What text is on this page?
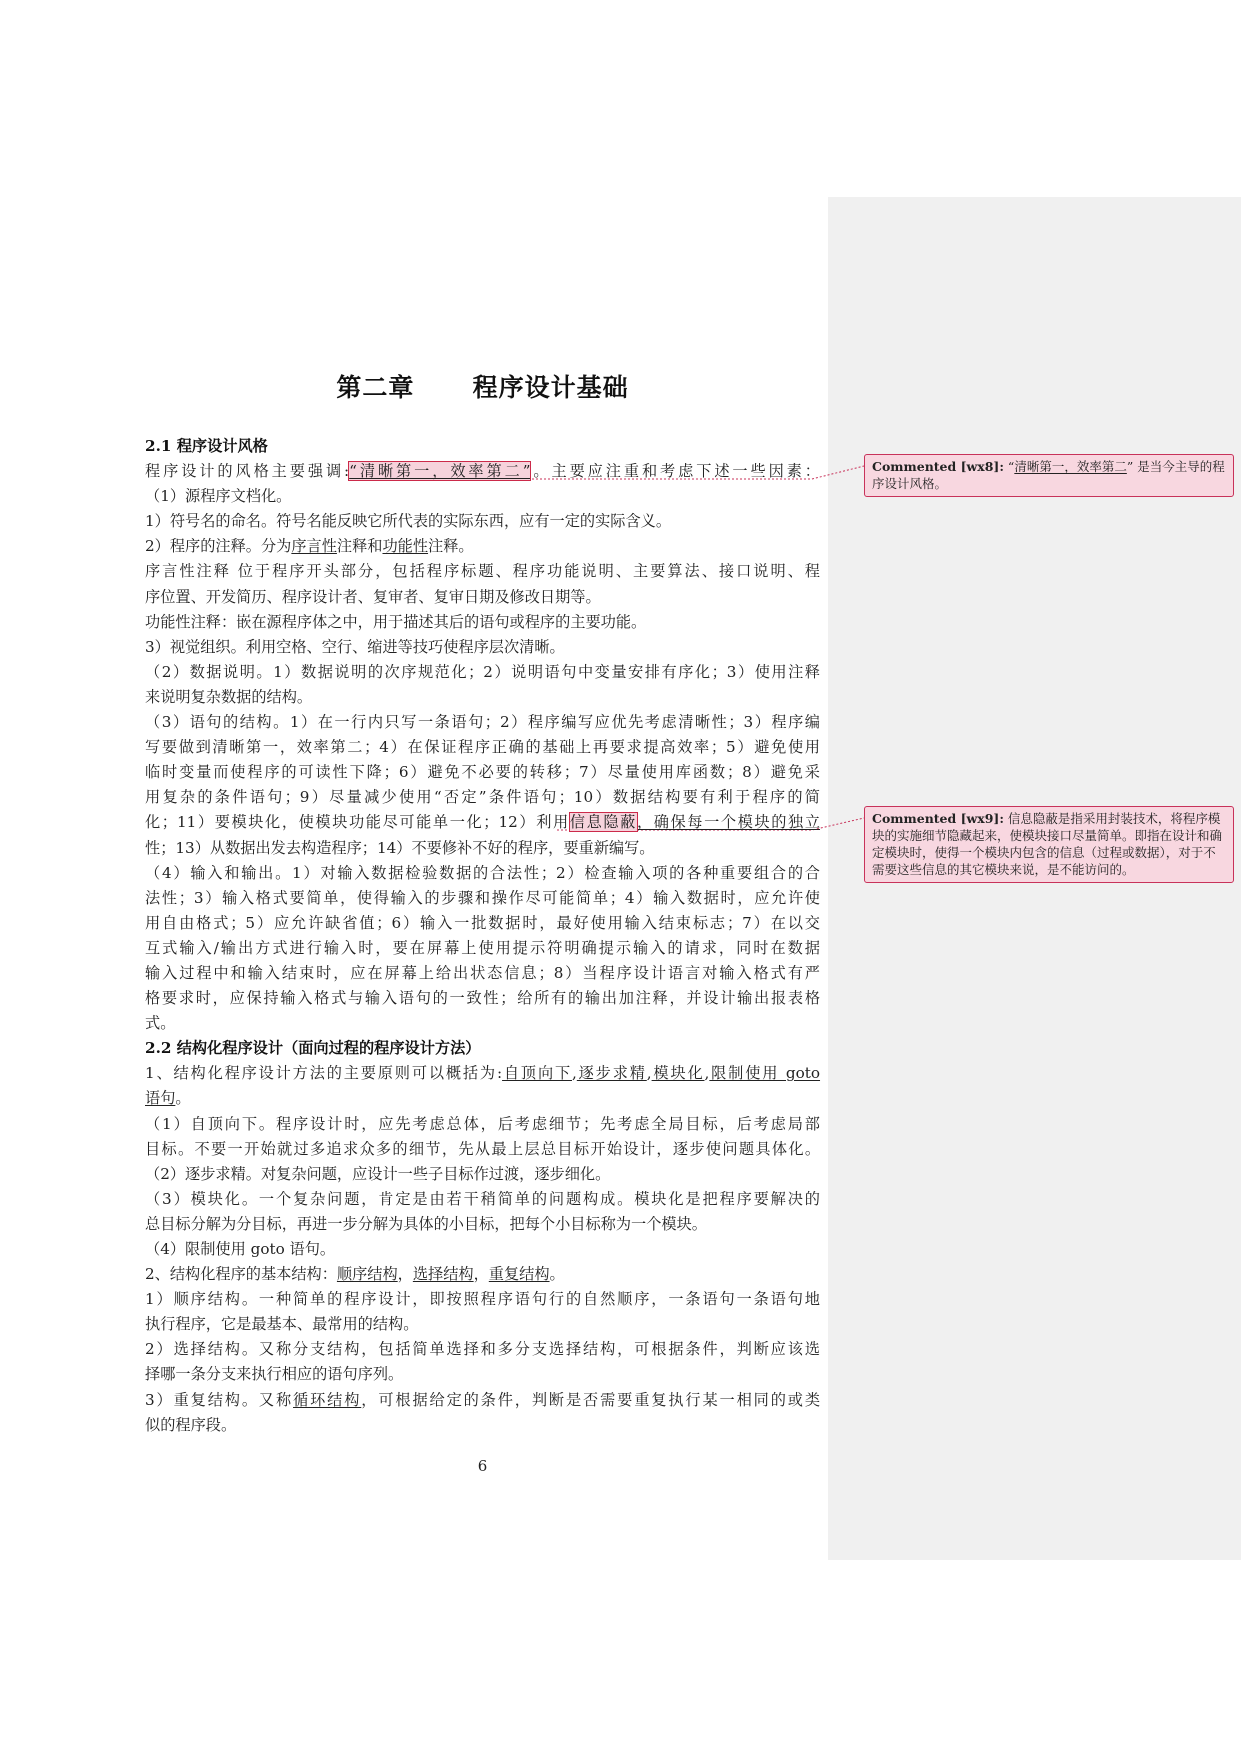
第二章      程序设计基础
2.1 程序设计风格
程序设计的风格主要强调:“清晰第一，效率第二”。主要应注重和考虑下述一些因素：
（1）源程序文档化。
1）符号名的命名。符号名能反映它所代表的实际东西，应有一定的实际含义。
2）程序的注释。分为序言性注释和功能性注释。
序言性注释 位于程序开头部分，包括程序标题、程序功能说明、主要算法、接口说明、程
序位置、开发简历、程序设计者、复审者、复审日期及修改日期等。
功能性注释：嵌在源程序体之中，用于描述其后的语句或程序的主要功能。
3）视觉组织。利用空格、空行、缩进等技巧使程序层次清晰。
（2）数据说明。1）数据说明的次序规范化；2）说明语句中变量安排有序化；3）使用注释
来说明复杂数据的结构。
（3）语句的结构。1）在一行内只写一条语句；2）程序编写应优先考虑清晰性；3）程序编
写要做到清晰第一，效率第二；4）在保证程序正确的基础上再要求提高效率；5）避免使用
临时变量而使程序的可读性下降；6）避免不必要的转移；7）尽量使用库函数；8）避免采
用复杂的条件语句；9）尽量减少使用“否定”条件语句；10）数据结构要有利于程序的简
化；11）要模块化，使模块功能尽可能单一化；12）利用信息隐蔽，确保每一个模块的独立
性；13）从数据出发去构造程序；14）不要修补不好的程序，要重新编写。
（4）输入和输出。1）对输入数据检验数据的合法性；2）检查输入项的各种重要组合的合
法性；3）输入格式要简单，使得输入的步骤和操作尽可能简单；4）输入数据时，应允许使
用自由格式；5）应允许缺省值；6）输入一批数据时，最好使用输入结束标志；7）在以交
互式输入/输出方式进行输入时，要在屏幕上使用提示符明确提示输入的请求，同时在数据
输入过程中和输入结束时，应在屏幕上给出状态信息；8）当程序设计语言对输入格式有严
格要求时，应保持输入格式与输入语句的一致性；给所有的输出加注释，并设计输出报表格
式。
2.2 结构化程序设计（面向过程的程序设计方法）
1、结构化程序设计方法的主要原则可以概括为:自顶向下,逐步求精,模块化,限制使用 goto
语句。
（1）自顶向下。程序设计时，应先考虑总体，后考虑细节；先考虑全局目标，后考虑局部
目标。不要一开始就过多追求众多的细节，先从最上层总目标开始设计，逐步使问题具体化。
（2）逐步求精。对复杂问题，应设计一些子目标作过渡，逐步细化。
（3）模块化。一个复杂问题，肯定是由若干稍简单的问题构成。模块化是把程序要解决的
总目标分解为分目标，再进一步分解为具体的小目标，把每个小目标称为一个模块。
（4）限制使用 goto 语句。
2、结构化程序的基本结构：顺序结构，选择结构，重复结构。
1）顺序结构。一种简单的程序设计，即按照程序语句行的自然顺序，一条语句一条语句地
执行程序，它是最基本、最常用的结构。
2）选择结构。又称分支结构，包括简单选择和多分支选择结构，可根据条件，判断应该选
择哪一条分支来执行相应的语句序列。
3）重复结构。又称循环结构，可根据给定的条件，判断是否需要重复执行某一相同的或类
似的程序段。
6
Commented [wx8]: “清晰第一，效率第二” 是当今主导的程序设计风格。
Commented [wx9]: 信息隐蔽是指采用封装技术，将程序模块的实施细节隐藏起来，使模块接口尽量简单。即指在设计和确定模块时，使得一个模块内包含的信息（过程或数据），对于不需要这些信息的其它模块来说，是不能访问的。
